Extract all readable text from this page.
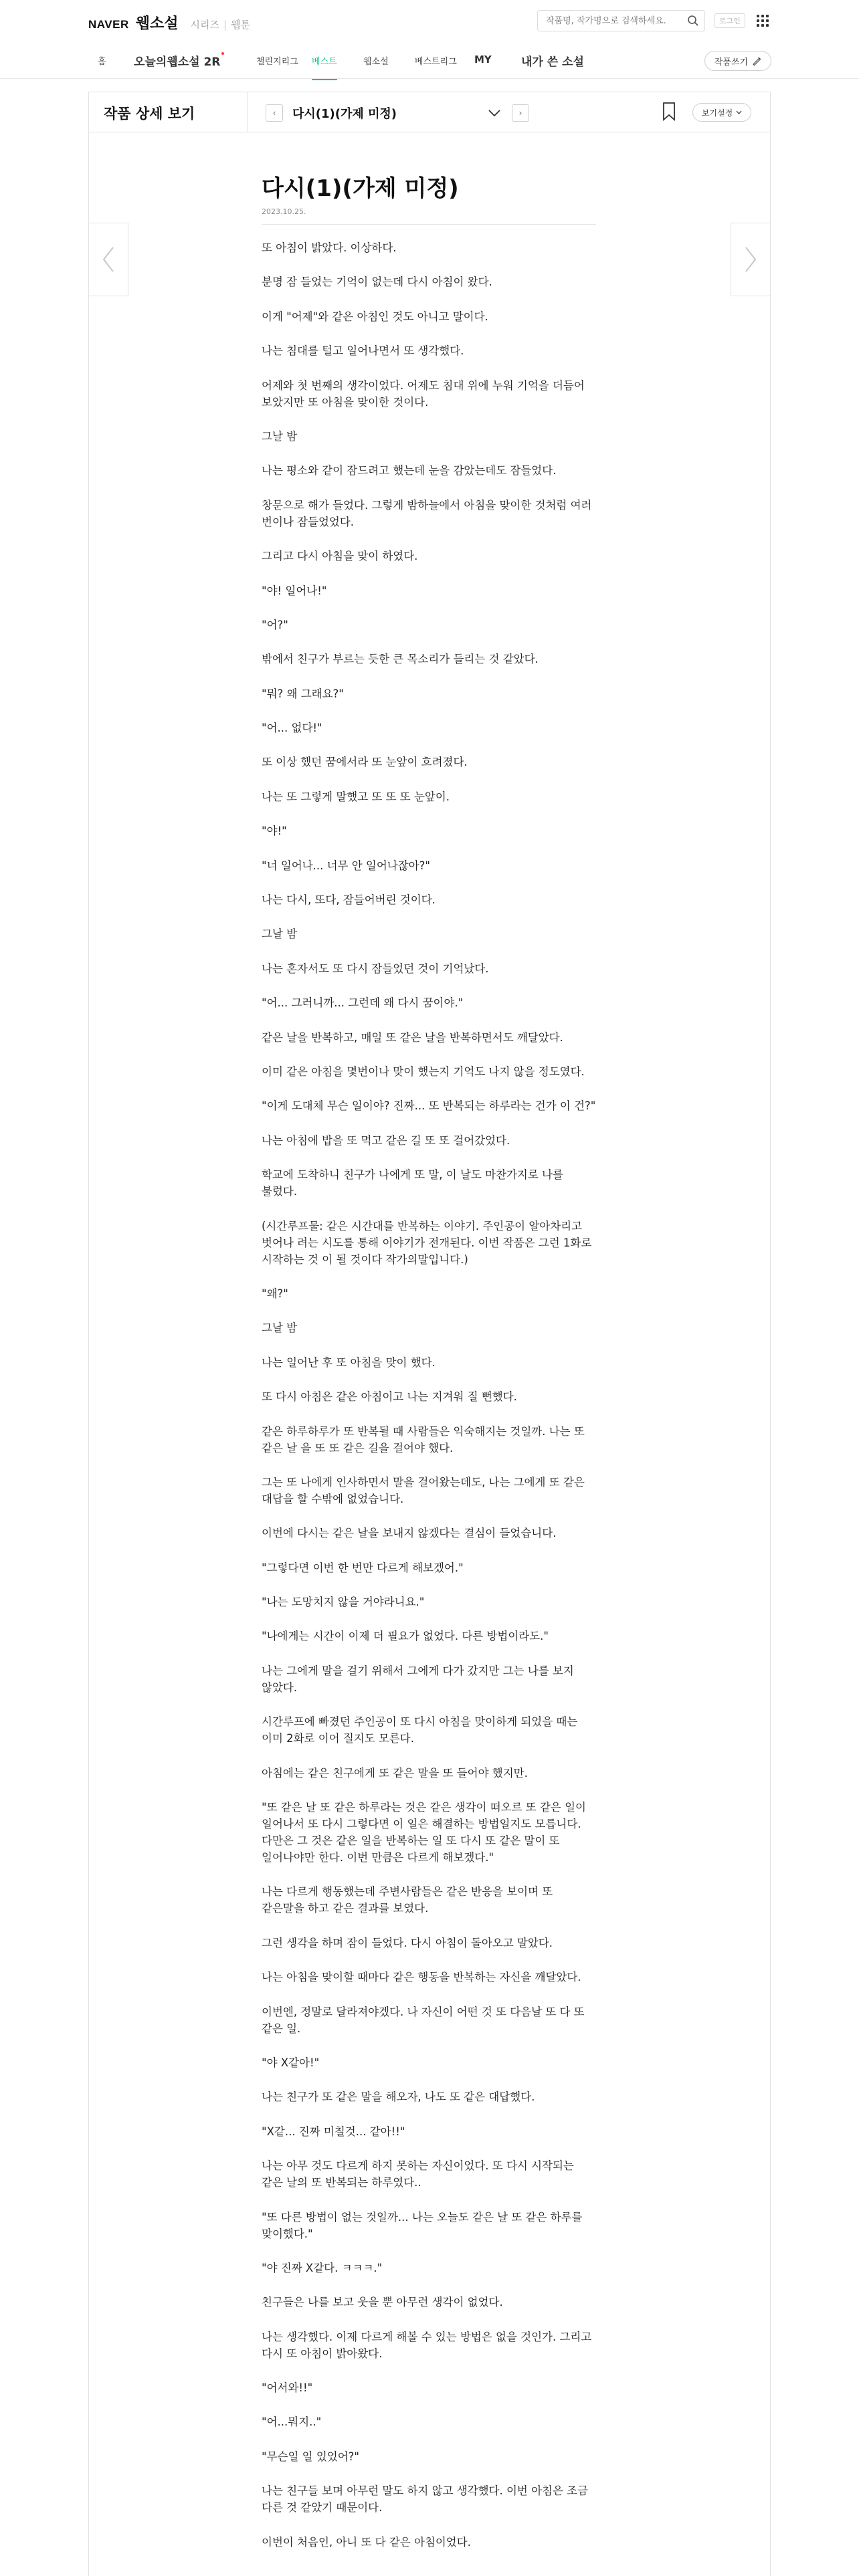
NAVER 웹소설 시리즈 | 웹툰
작품명, 작가명으로 검색하세요.	로그인
홈 오늘의웹소설 2R	챌린지리그 베스트	웹소설	베스트리그 MY	내가 쓴 소설	작품쓰기
작품 상세 보기	‹	다시(1)(가제 미정)	›	보기설정
다시(1)(가제 미정)
2023.10.25.

또 아침이 밝았다. 이상하다.

분명 잠 들었는 기억이 없는데 다시 아침이 왔다.

이게 "어제"와 같은 아침인 것도 아니고 말이다.

나는 침대를 털고 일어나면서 또 생각했다.

어제와 첫 번째의 생각이었다. 어제도 침대 위에 누워 기억을 더듬어 보았지만 또 아침을 맞이한 것이다.

그날 밤

나는 평소와 같이 잠드려고 했는데 눈을 감았는데도 잠들었다.

창문으로 해가 들었다. 그렇게 밤하늘에서 아침을 맞이한 것처럼 여러 번이나 잠들었었다.

그리고 다시 아침을 맞이 하였다.

"야! 일어나!"

"어?"

밖에서 친구가 부르는 듯한 큰 목소리가 들리는 것 같았다.

"뭐? 왜 그래요?"

"어... 없다!"

또 이상 했던 꿈에서라 또 눈앞이 흐려졌다.

나는 또 그렇게 말했고 또 또 또 눈앞이.

"야!"

"너 일어나... 너무 안 일어나잖아?"

나는 다시, 또다, 잠들어버린 것이다.

그날 밤

나는 혼자서도 또 다시 잠들었던 것이 기억났다.

"어... 그러니까... 그런데 왜 다시 꿈이야."

같은 날을 반복하고, 매일 또 같은 날을 반복하면서도 깨달았다.

이미 같은 아침을 몇번이나 맞이 했는지 기억도 나지 않을 정도였다.

"이게 도대체 무슨 일이야? 진짜... 또 반복되는 하루라는 건가 이 건?"

나는 아침에 밥을 또 먹고 같은 길 또 또 걸어갔었다.

학교에 도착하니 친구가 나에게 또 말, 이 날도 마찬가지로 나를 불렀다.

(시간루프물: 같은 시간대를 반복하는 이야기. 주인공이 알아차리고 벗어나 려는 시도를 통해 이야기가 전개된다. 이번 작품은 그런 1화로 시작하는 것 이 될 것이다 작가의말입니다.)

"왜?"

그날 밤

나는 일어난 후 또 아침을 맞이 했다.

또 다시 아침은 같은 아침이고 나는 지겨워 질 뻔했다.

같은 하루하루가 또 반복될 때 사람들은 익숙해지는 것일까. 나는 또 같은 날 을 또 또 같은 길을 걸어야 했다.

그는 또 나에게 인사하면서 말을 걸어왔는데도, 나는 그에게 또 같은 대답을 할 수밖에 없었습니다.

이번에 다시는 같은 날을 보내지 않겠다는 결심이 들었습니다.

"그렇다면 이번 한 번만 다르게 해보겠어."

"나는 도망치지 않을 거야라니요."

"나에게는 시간이 이제 더 필요가 없었다. 다른 방법이라도."

나는 그에게 말을 걸기 위해서 그에게 다가 갔지만 그는 나를 보지 않았다.

시간루프에 빠졌던 주인공이 또 다시 아침을 맞이하게 되었을 때는 이미 2화로 이어 질지도 모른다.

아침에는 같은 친구에게 또 같은 말을 또 들어야 했지만.

"또 같은 날 또 같은 하루라는 것은 같은 생각이 떠오르 또 같은 일이 일어나서 또 다시 그렇다면 이 일은 해결하는 방법일지도 모릅니다. 다만은 그 것은 같은 일을 반복하는 일 또 다시 또 같은 말이 또 일어나야만 한다. 이번 만큼은 다르게 해보겠다."

나는 다르게 행동했는데 주변사람들은 같은 반응을 보이며 또 같은말을 하고 같은 결과를 보였다.

그런 생각을 하며 잠이 들었다. 다시 아침이 돌아오고 말았다.

나는 아침을 맞이할 때마다 같은 행동을 반복하는 자신을 깨달았다.

이번엔, 정말로 달라져야겠다. 나 자신이 어떤 것 또 다음날 또 다 또 같은 일.

"야 X같아!"

나는 친구가 또 같은 말을 해오자, 나도 또 같은 대답했다.

"X같... 진짜 미칠것... 같아!!"

나는 아무 것도 다르게 하지 못하는 자신이었다. 또 다시 시작되는 같은 날의 또 반복되는 하루였다..

"또 다른 방법이 없는 것일까... 나는 오늘도 같은 날 또 같은 하루를 맞이했다."

"야 진짜 X같다. ㅋㅋㅋ."

친구들은 나를 보고 웃을 뿐 아무런 생각이 없었다.

나는 생각했다. 이제 다르게 해볼 수 있는 방법은 없을 것인가. 그리고 다시 또 아침이 밝아왔다.

"어서와!!"

"어...뭐지.."

"무슨일 일 있었어?"

나는 친구들 보며 아무런 말도 하지 않고 생각했다. 이번 아침은 조금 다른 것 같았기 때문이다.

이번이 처음인, 아니 또 다 같은 아침이었다.
